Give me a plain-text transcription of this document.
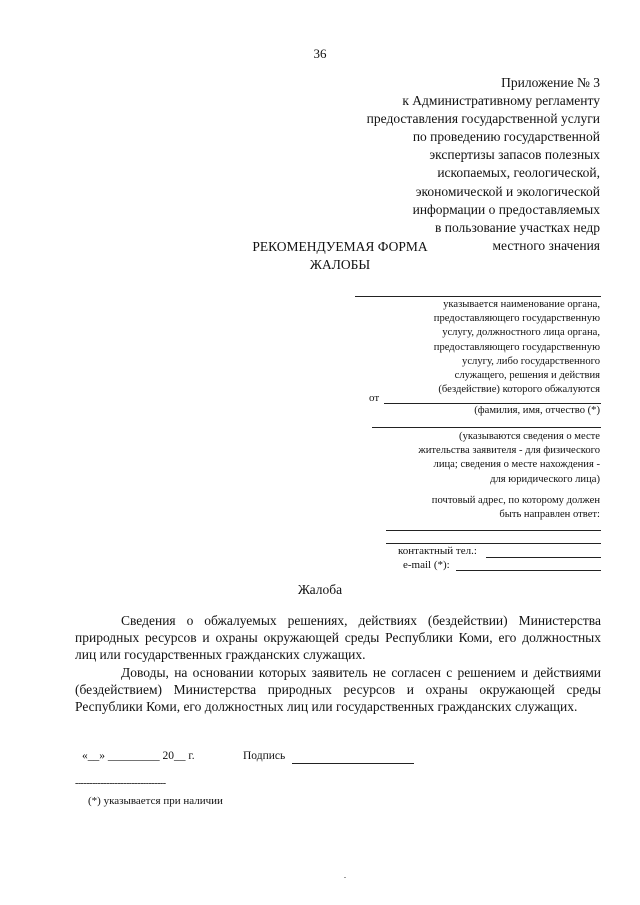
36
Приложение № 3
к Административному регламенту
предоставления государственной услуги
по проведению государственной
экспертизы запасов полезных
ископаемых, геологической,
экономической и экологической
информации о предоставляемых
в пользование участках недр
местного значения
РЕКОМЕНДУЕМАЯ ФОРМА
ЖАЛОБЫ
указывается наименование органа,
предоставляющего государственную
услугу, должностного лица органа,
предоставляющего государственную
услугу, либо государственного
служащего, решения и действия
(бездействие) которого обжалуются
от
(фамилия, имя, отчество (*)
(указываются сведения о месте
жительства заявителя - для физического
лица; сведения о месте нахождения -
для юридического лица)
почтовый адрес, по которому должен
быть направлен ответ:
контактный тел.:
e-mail (*):
Жалоба

Сведения о обжалуемых решениях, действиях (бездействии) Министерства природных ресурсов и охраны окружающей среды Республики Коми, его должностных лиц или государственных гражданских служащих.

Доводы, на основании которых заявитель не согласен с решением и действиями (бездействием) Министерства природных ресурсов и охраны окружающей среды Республики Коми, его должностных лиц или государственных гражданских служащих.

«__» _________ 20__ г.	Подпись
--------------------------------
(*) указывается при наличии
